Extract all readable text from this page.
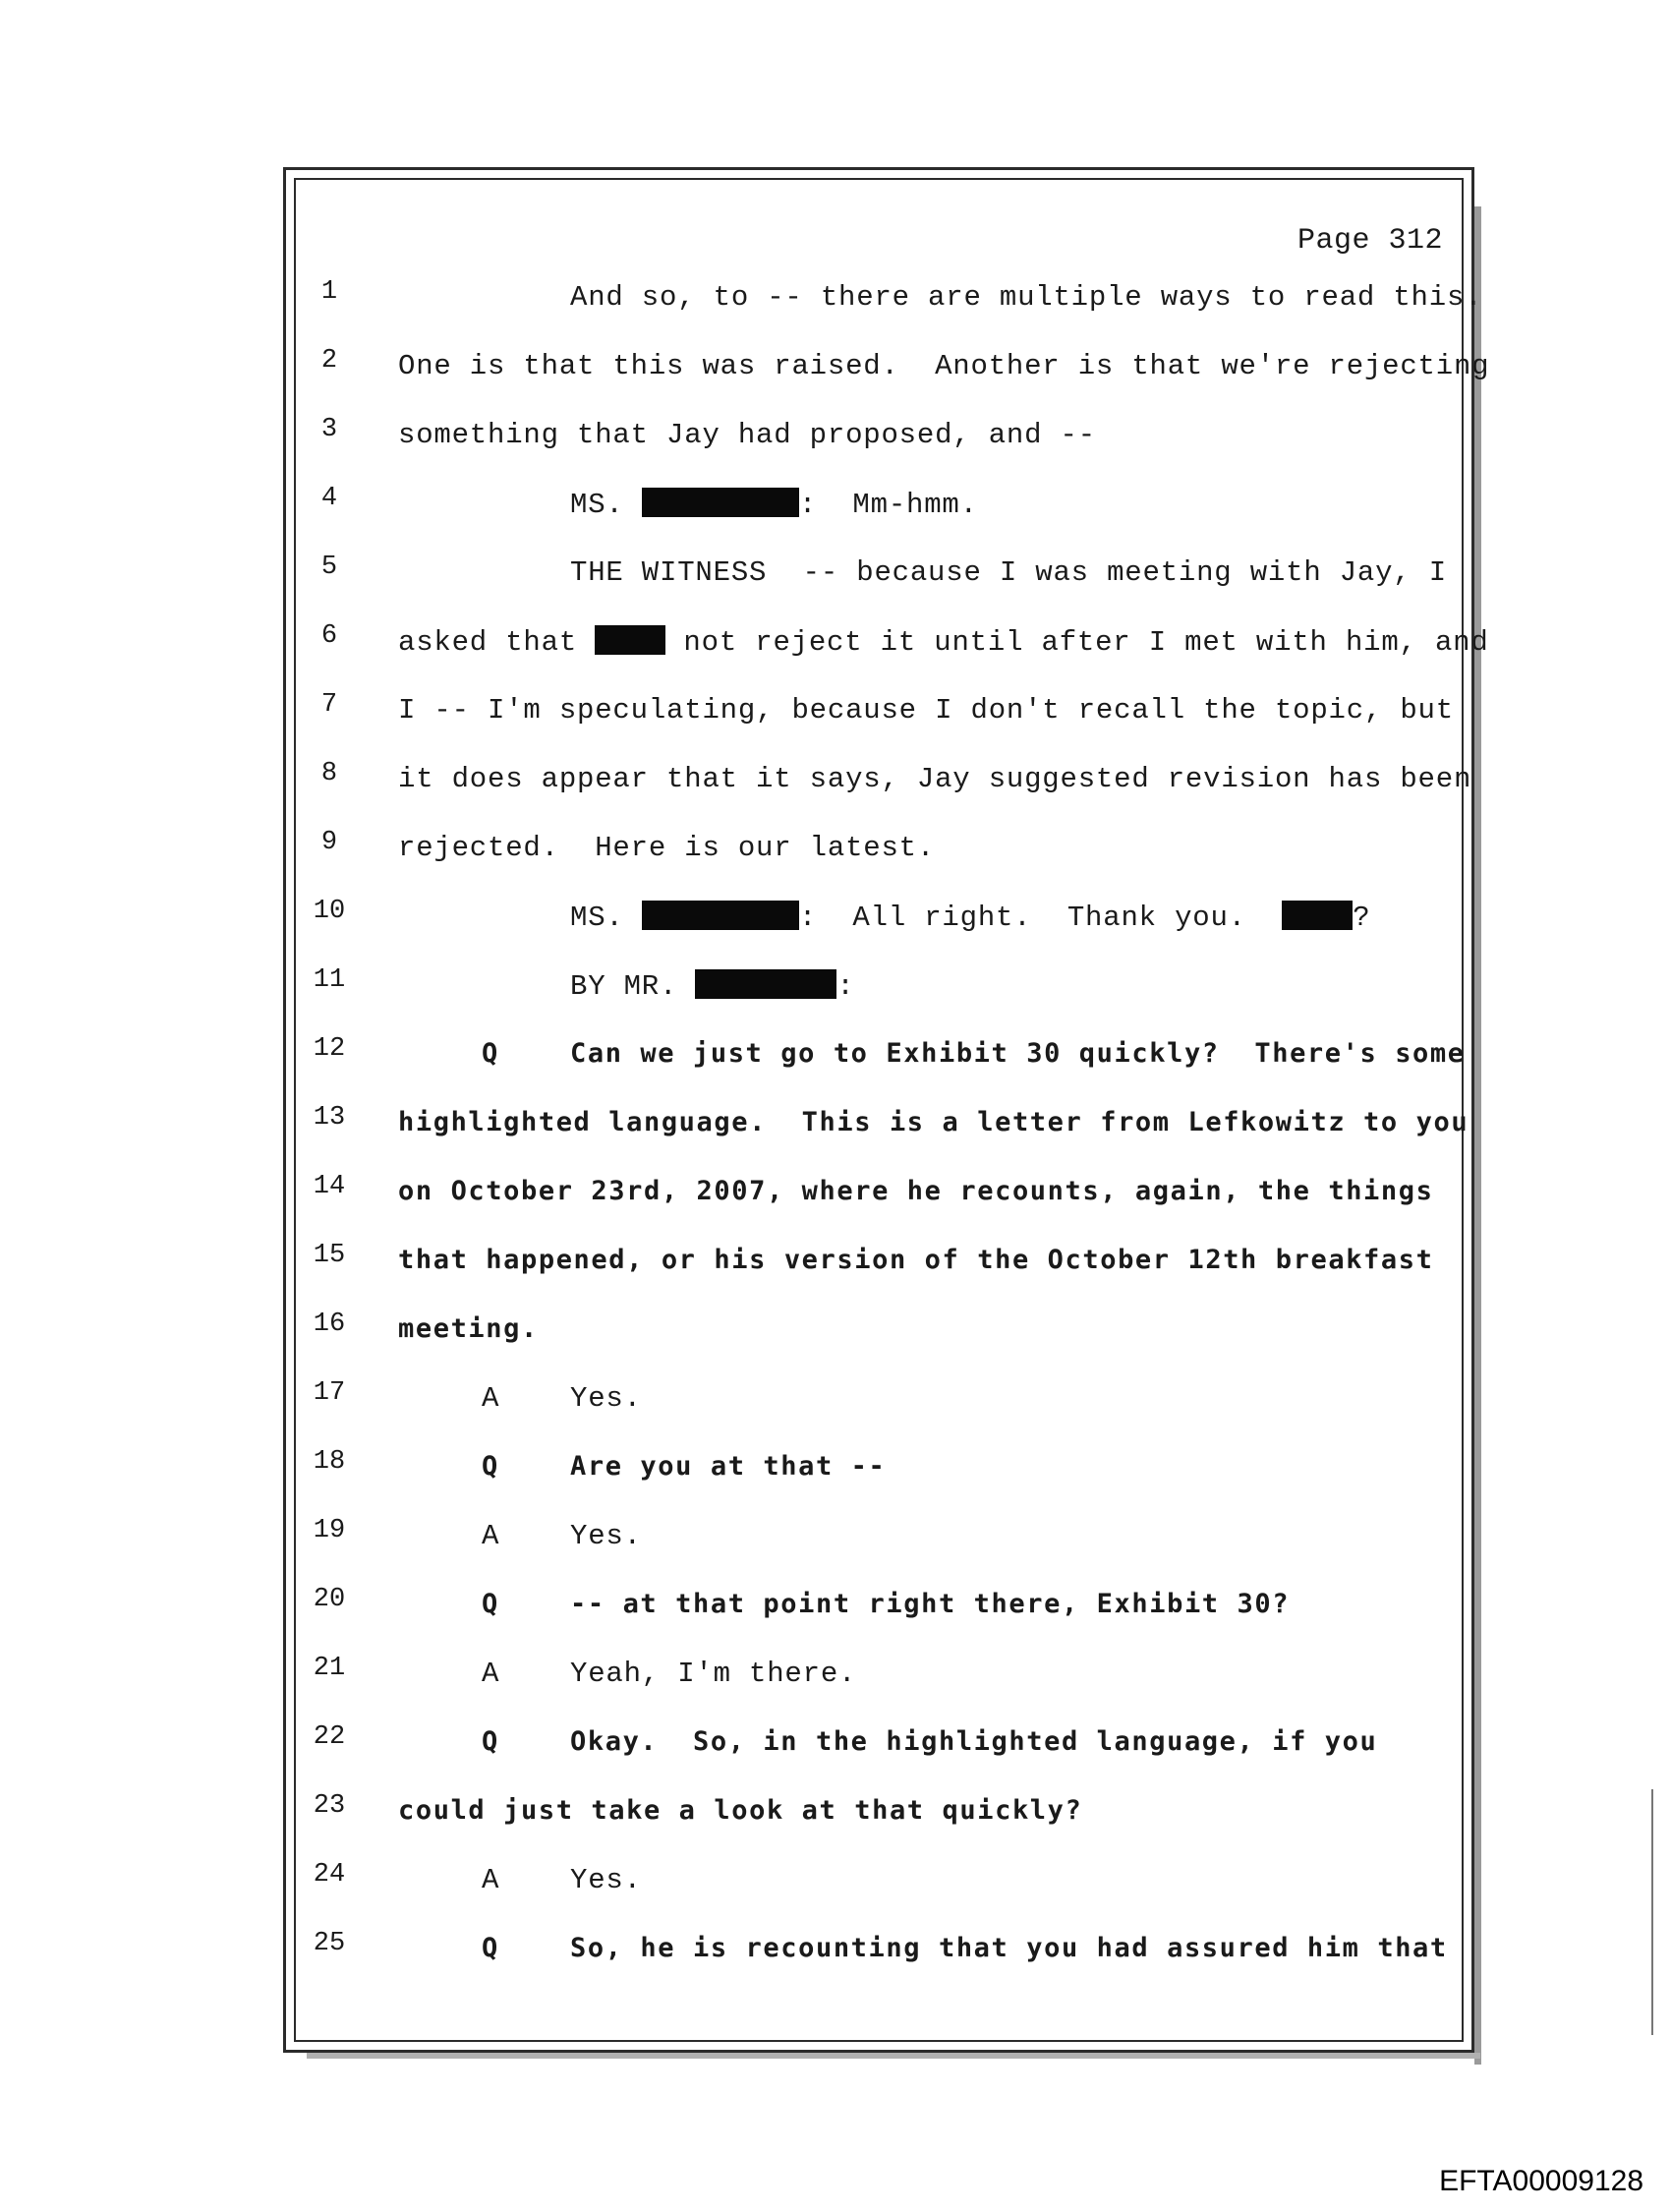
Page 312
1	And so, to -- there are multiple ways to read this.
2	One is that this was raised.  Another is that we're rejecting
3	something that Jay had proposed, and --
4	MS.	:  Mm-hmm.
5	THE WITNESS  -- because I was meeting with Jay, I
6	asked that  not reject it until after I met with him, and
7	I -- I'm speculating, because I don't recall the topic, but
8	it does appear that it says, Jay suggested revision has been
9	rejected.  Here is our latest.
10	MS.	:  All right.  Thank you.  ?
11	BY MR.	:
12	Q	Can we just go to Exhibit 30 quickly?  There's some
13	highlighted language.  This is a letter from Lefkowitz to you
14	on October 23rd, 2007, where he recounts, again, the things
15	that happened, or his version of the October 12th breakfast
16	meeting.
17	A Yes.
18	Q	Are you at that --
19	A Yes.
20	Q	-- at that point right there, Exhibit 30?
21	A Yeah, I'm there.
22	Q	Okay.  So, in the highlighted language, if you
23	could just take a look at that quickly?
24	A Yes.
25	Q	So, he is recounting that you had assured him that
EFTA00009128
